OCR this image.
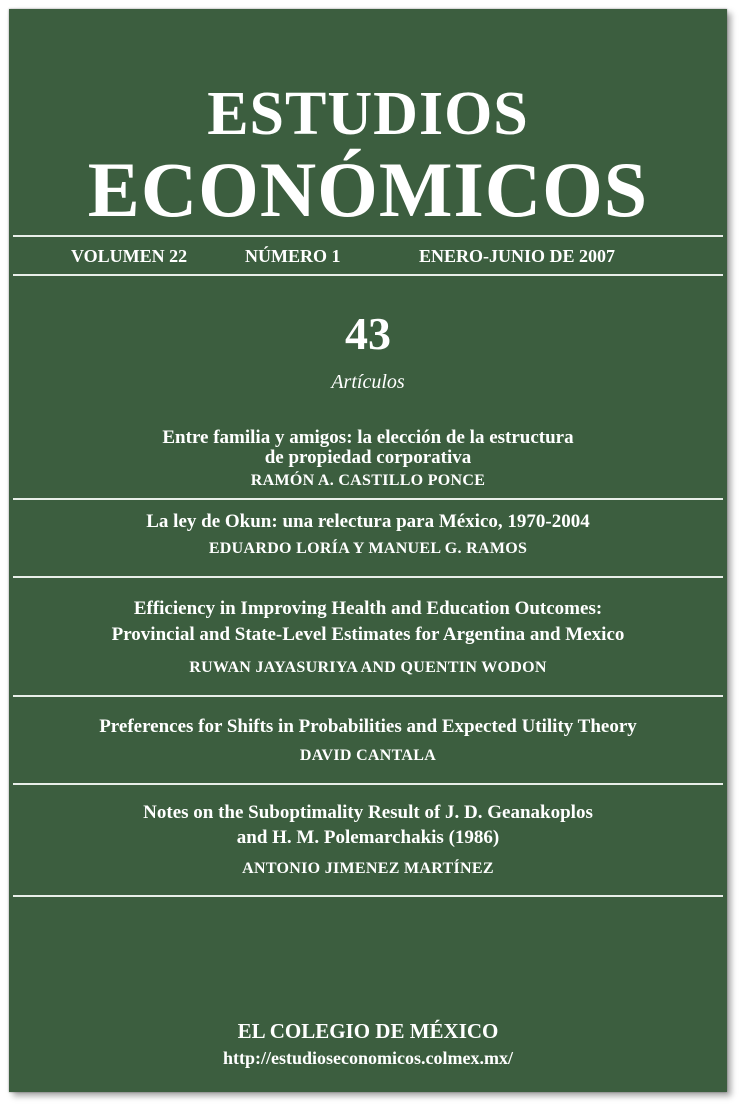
ESTUDIOS
ECONÓMICOS
VOLUMEN 22	NÚMERO 1	ENERO-JUNIO DE 2007
43
Artículos
Entre familia y amigos: la elección de la estructura
de propiedad corporativa
RAMÓN A. CASTILLO PONCE
La ley de Okun: una relectura para México, 1970-2004
EDUARDO LORÍA Y MANUEL G. RAMOS
Efficiency in Improving Health and Education Outcomes:
Provincial and State-Level Estimates for Argentina and Mexico
RUWAN JAYASURIYA AND QUENTIN WODON
Preferences for Shifts in Probabilities and Expected Utility Theory
DAVID CANTALA
Notes on the Suboptimality Result of J. D. Geanakoplos
and H. M. Polemarchakis (1986)
ANTONIO JIMENEZ MARTÍNEZ
EL COLEGIO DE MÉXICO
http://estudioseconomicos.colmex.mx/
